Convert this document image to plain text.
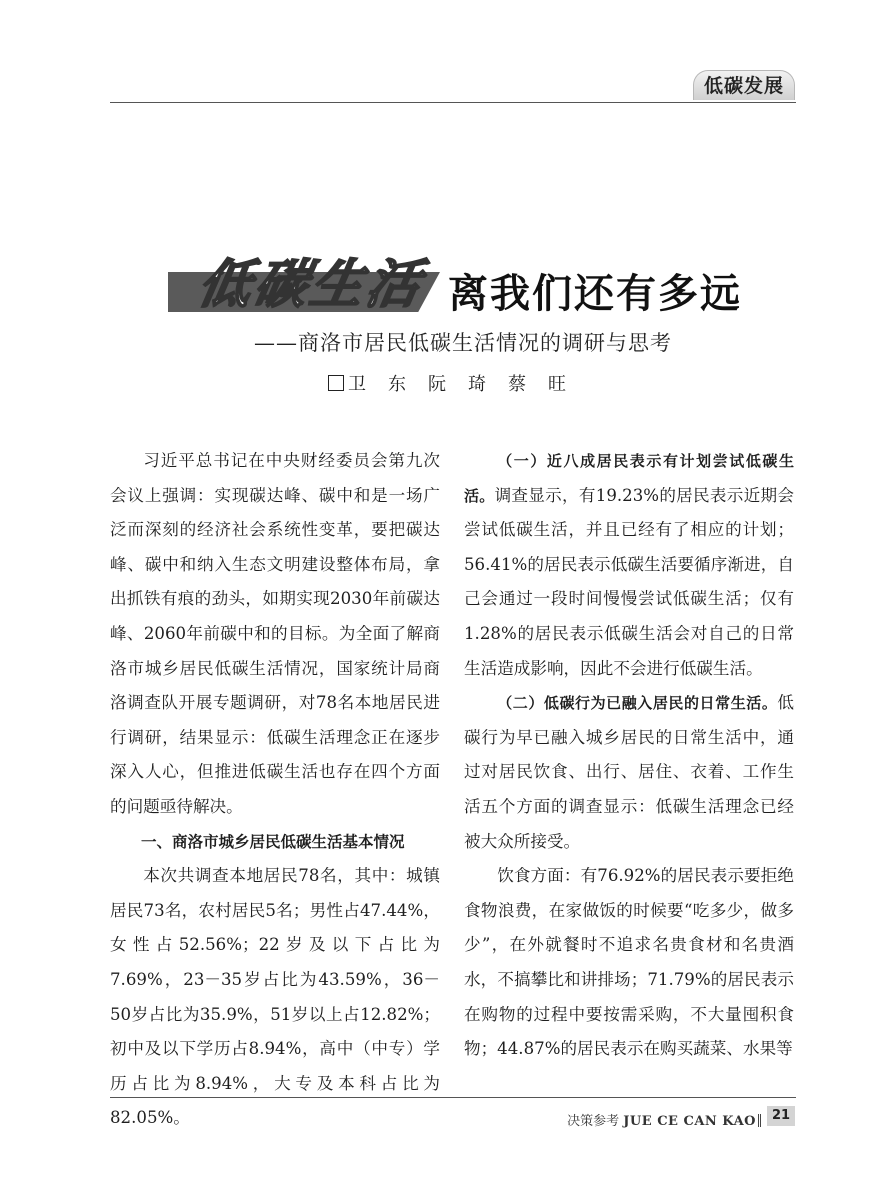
低碳发展
低碳生活 离我们还有多远
——商洛市居民低碳生活情况的调研与思考
卫东阮琦蔡旺

习近平总书记在中央财经委员会第九次会议上强调：实现碳达峰、碳中和是一场广泛而深刻的经济社会系统性变革，要把碳达峰、碳中和纳入生态文明建设整体布局，拿出抓铁有痕的劲头，如期实现2030年前碳达峰、2060年前碳中和的目标。为全面了解商洛市城乡居民低碳生活情况，国家统计局商洛调查队开展专题调研，对78名本地居民进行调研，结果显示：低碳生活理念正在逐步深入人心，但推进低碳生活也存在四个方面的问题亟待解决。

一、商洛市城乡居民低碳生活基本情况

本次共调查本地居民78名，其中：城镇居民73名，农村居民5名；男性占47.44%，女性占52.56%；22岁及以下占比为7.69%，23－35岁占比为43.59%，36－50岁占比为35.9%，51岁以上占12.82%；初中及以下学历占8.94%，高中（中专）学历占比为8.94%，大专及本科占比为82.05%。

（一）近八成居民表示有计划尝试低碳生活。调查显示，有19.23%的居民表示近期会尝试低碳生活，并且已经有了相应的计划；56.41%的居民表示低碳生活要循序渐进，自己会通过一段时间慢慢尝试低碳生活；仅有1.28%的居民表示低碳生活会对自己的日常生活造成影响，因此不会进行低碳生活。

（二）低碳行为已融入居民的日常生活。低碳行为早已融入城乡居民的日常生活中，通过对居民饮食、出行、居住、衣着、工作生活五个方面的调查显示：低碳生活理念已经被大众所接受。

饮食方面：有76.92%的居民表示要拒绝食物浪费，在家做饭的时候要“吃多少，做多少”，在外就餐时不追求名贵食材和名贵酒水，不搞攀比和讲排场；71.79%的居民表示在购物的过程中要按需采购，不大量囤积食物；44.87%的居民表示在购买蔬菜、水果等

决策参考 JUE CE CAN KAO	21
